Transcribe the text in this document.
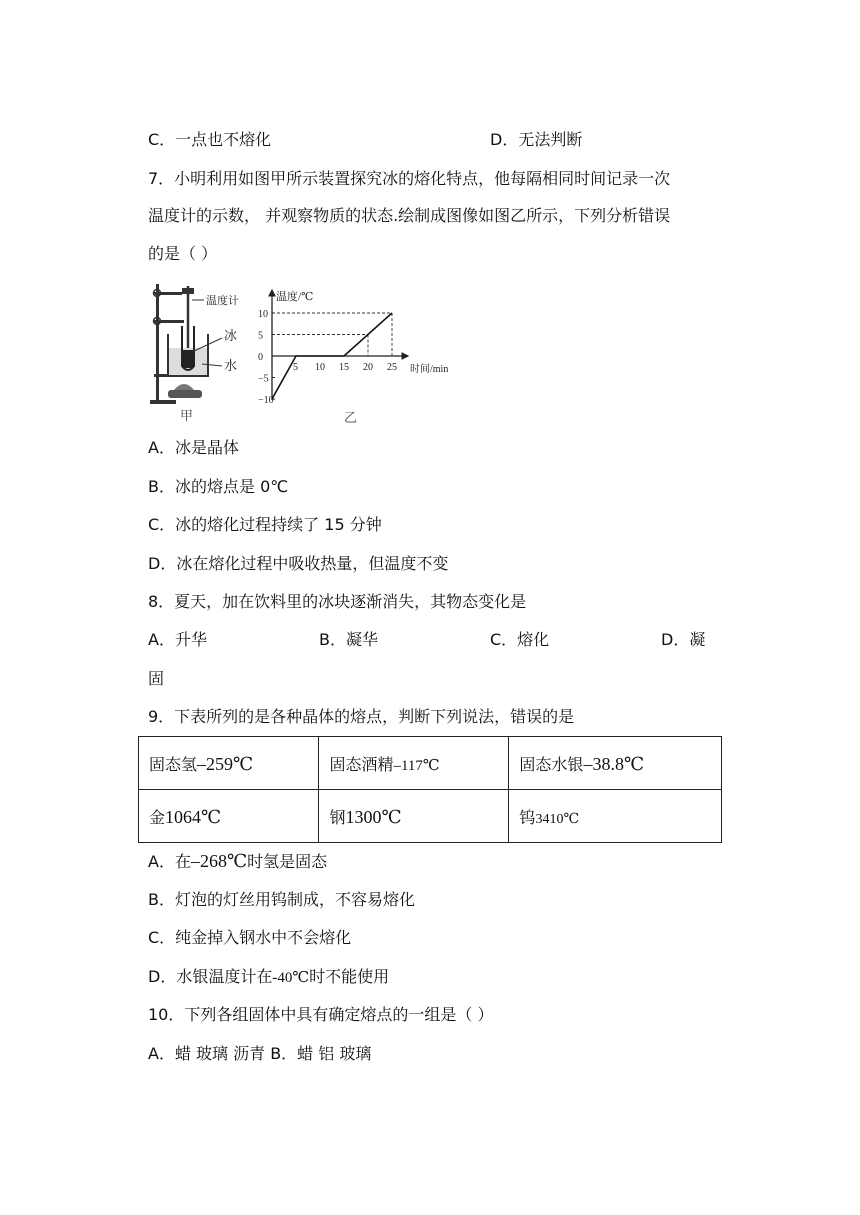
C．一点也不熔化	D．无法判断
7．小明利用如图甲所示装置探究冰的熔化特点，他每隔相同时间记录一次
温度计的示数， 并观察物质的状态.绘制成图像如图乙所示，下列分析错误
的是（ ）
温度计
冰
水
甲
温度/℃
时间/min
5 10 15 20 25
10
5
0
−5
−10
乙
A．冰是晶体
B．冰的熔点是 0℃
C．冰的熔化过程持续了 15 分钟
D．冰在熔化过程中吸收热量，但温度不变
8．夏天，加在饮料里的冰块逐渐消失，其物态变化是
A．升华	B．凝华	C．熔化	D．凝
固
9．下表所列的是各种晶体的熔点，判断下列说法，错误的是
固态氢–259℃	固态酒精–117℃	固态水银–38.8℃
金1064℃	钢1300℃	钨3410℃
A．在–268℃时氢是固态
B．灯泡的灯丝用钨制成，不容易熔化
C．纯金掉入钢水中不会熔化
D．水银温度计在-40℃时不能使用
10．下列各组固体中具有确定熔点的一组是（ ）
A．蜡 玻璃 沥青 B．蜡 铝 玻璃
